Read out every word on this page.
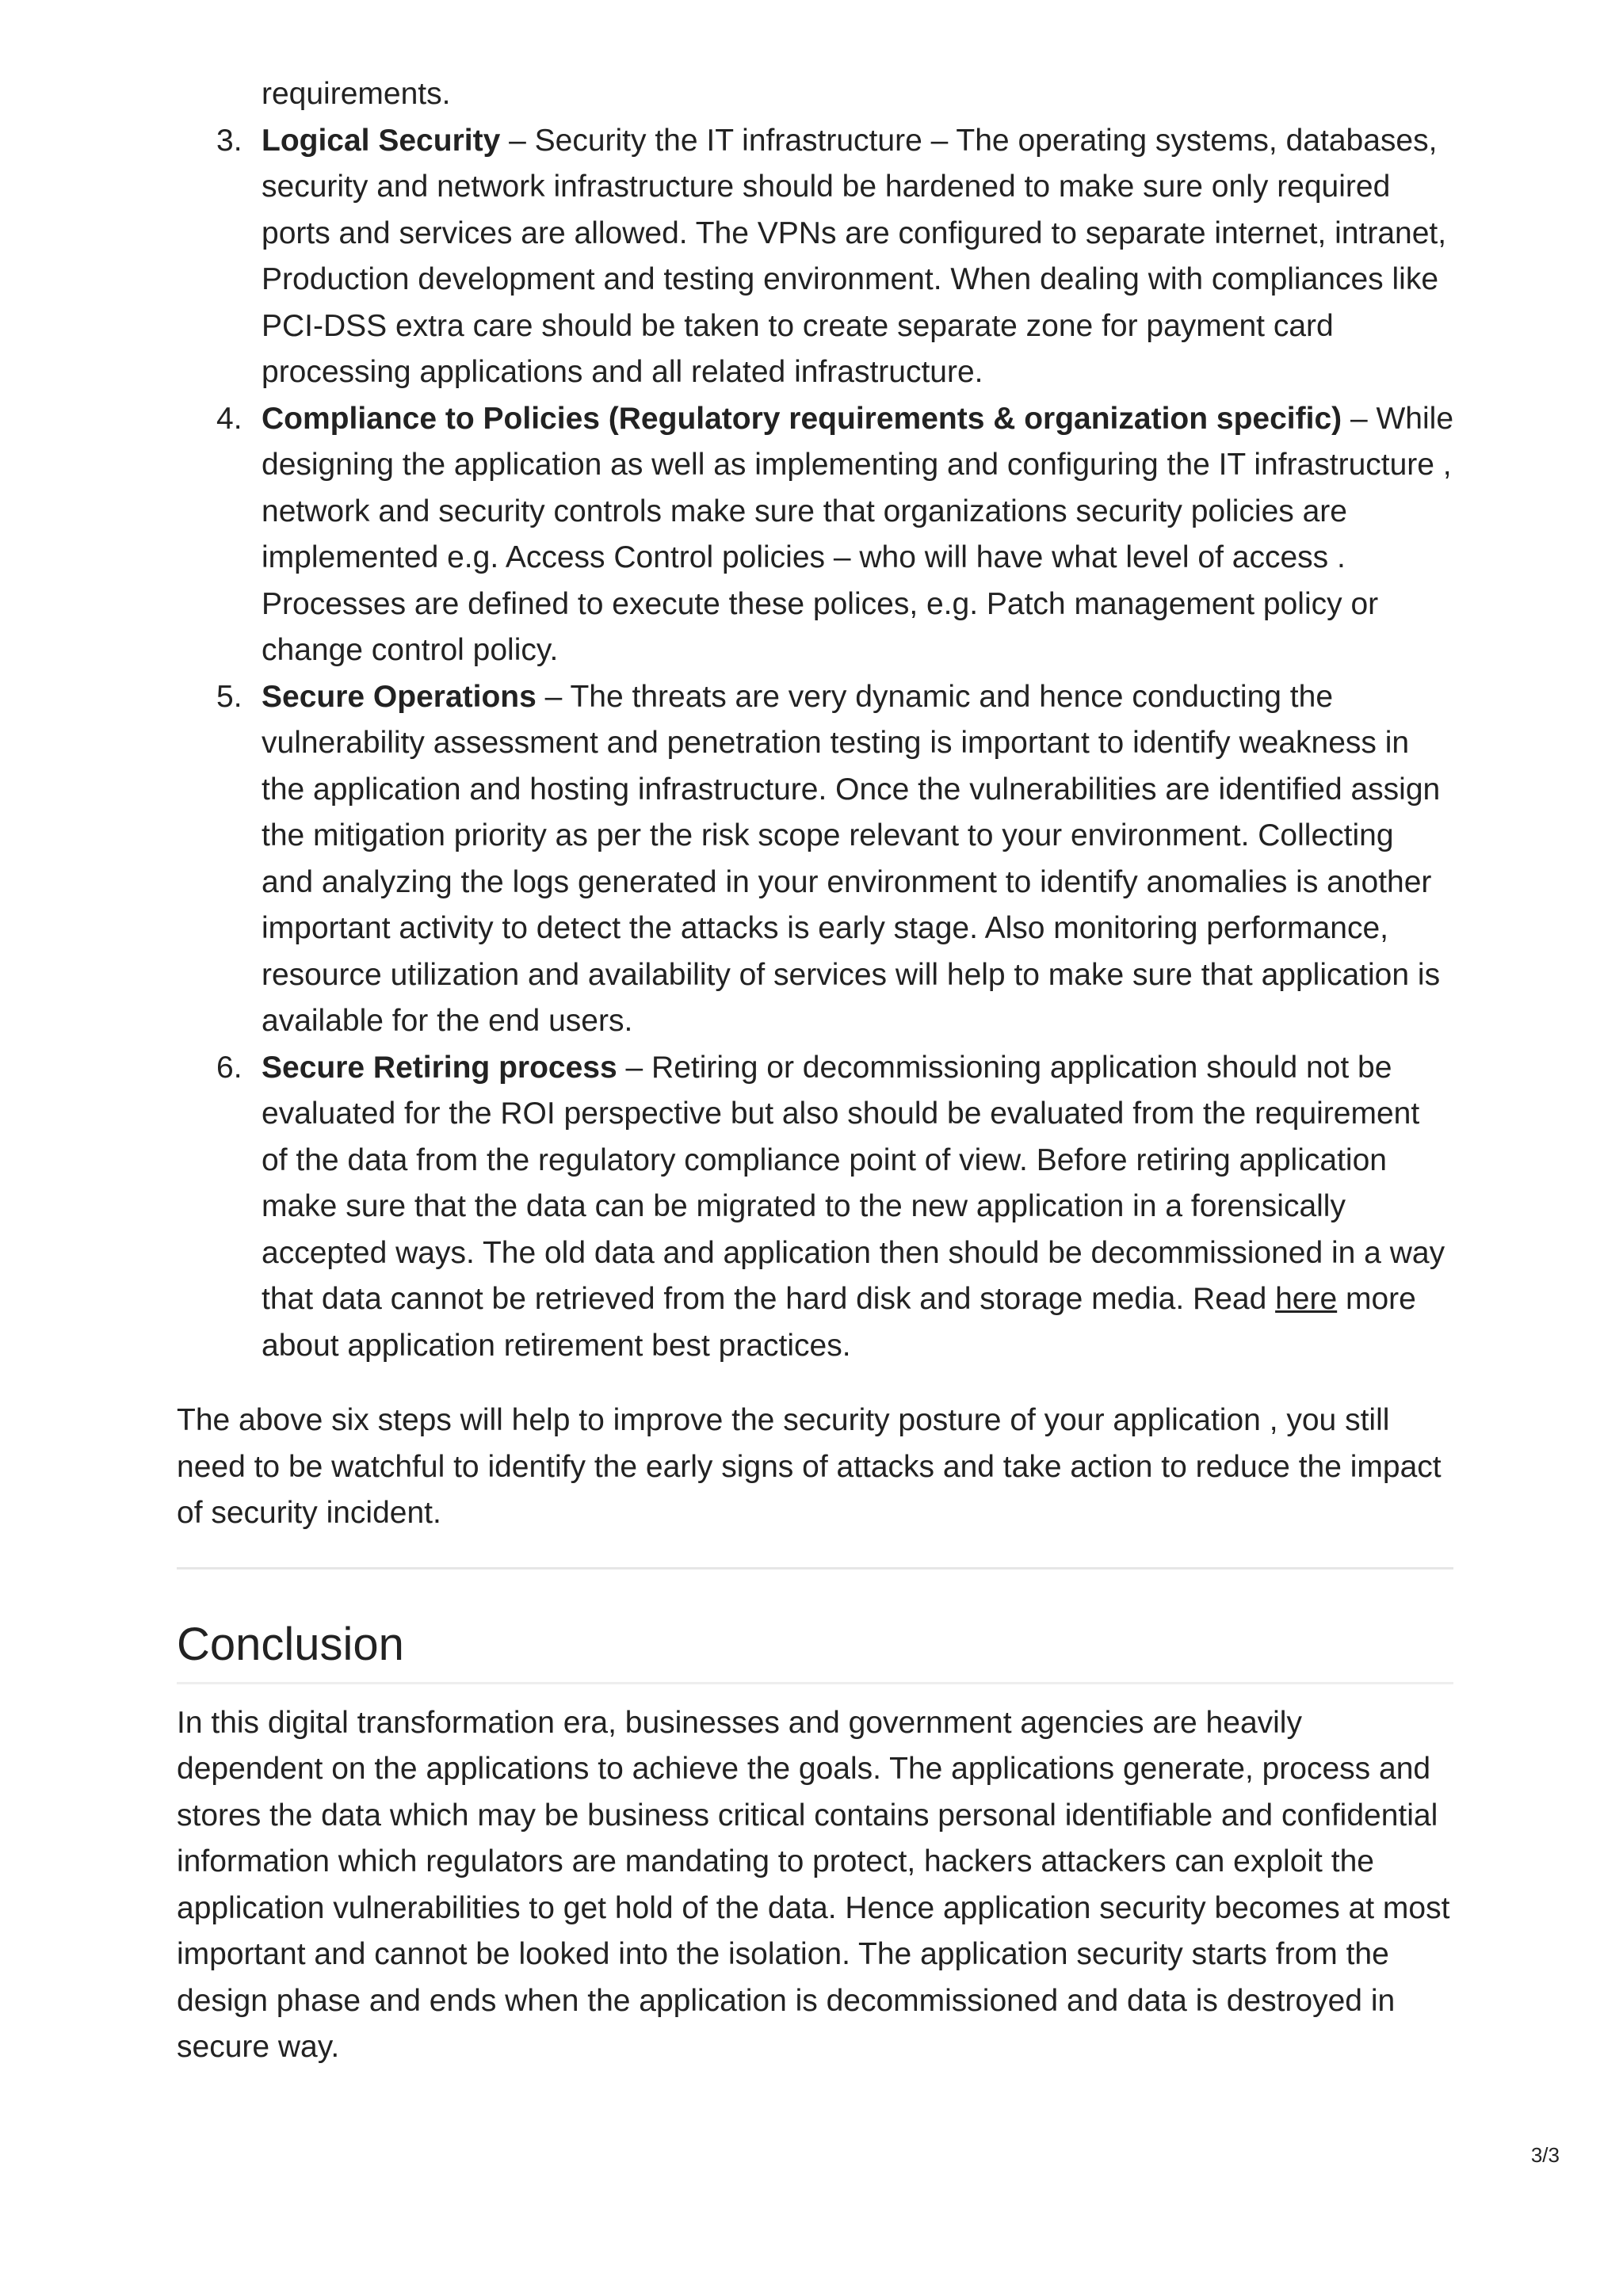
requirements.
3. Logical Security – Security the IT infrastructure – The operating systems, databases, security and network infrastructure should be hardened to make sure only required ports and services are allowed. The VPNs are configured to separate internet, intranet, Production development and testing environment. When dealing with compliances like PCI-DSS extra care should be taken to create separate zone for payment card processing applications and all related infrastructure.
4. Compliance to Policies (Regulatory requirements & organization specific) – While designing the application as well as implementing and configuring the IT infrastructure , network and security controls make sure that organizations security policies are implemented e.g. Access Control policies – who will have what level of access . Processes are defined to execute these polices, e.g. Patch management policy or change control policy.
5. Secure Operations – The threats are very dynamic and hence conducting the vulnerability assessment and penetration testing is important to identify weakness in the application and hosting infrastructure. Once the vulnerabilities are identified assign the mitigation priority as per the risk scope relevant to your environment. Collecting and analyzing the logs generated in your environment to identify anomalies is another important activity to detect the attacks is early stage. Also monitoring performance, resource utilization and availability of services will help to make sure that application is available for the end users.
6. Secure Retiring process – Retiring or decommissioning application should not be evaluated for the ROI perspective but also should be evaluated from the requirement of the data from the regulatory compliance point of view. Before retiring application make sure that the data can be migrated to the new application in a forensically accepted ways. The old data and application then should be decommissioned in a way that data cannot be retrieved from the hard disk and storage media. Read here more about application retirement best practices.

The above six steps will help to improve the security posture of your application , you still need to be watchful to identify the early signs of attacks and take action to reduce the impact of security incident.

Conclusion

In this digital transformation era, businesses and government agencies are heavily dependent on the applications to achieve the goals. The applications generate, process and stores the data which may be business critical contains personal identifiable and confidential information which regulators are mandating to protect, hackers attackers can exploit the application vulnerabilities to get hold of the data. Hence application security becomes at most important and cannot be looked into the isolation. The application security starts from the design phase and ends when the application is decommissioned and data is destroyed in secure way.

3/3
